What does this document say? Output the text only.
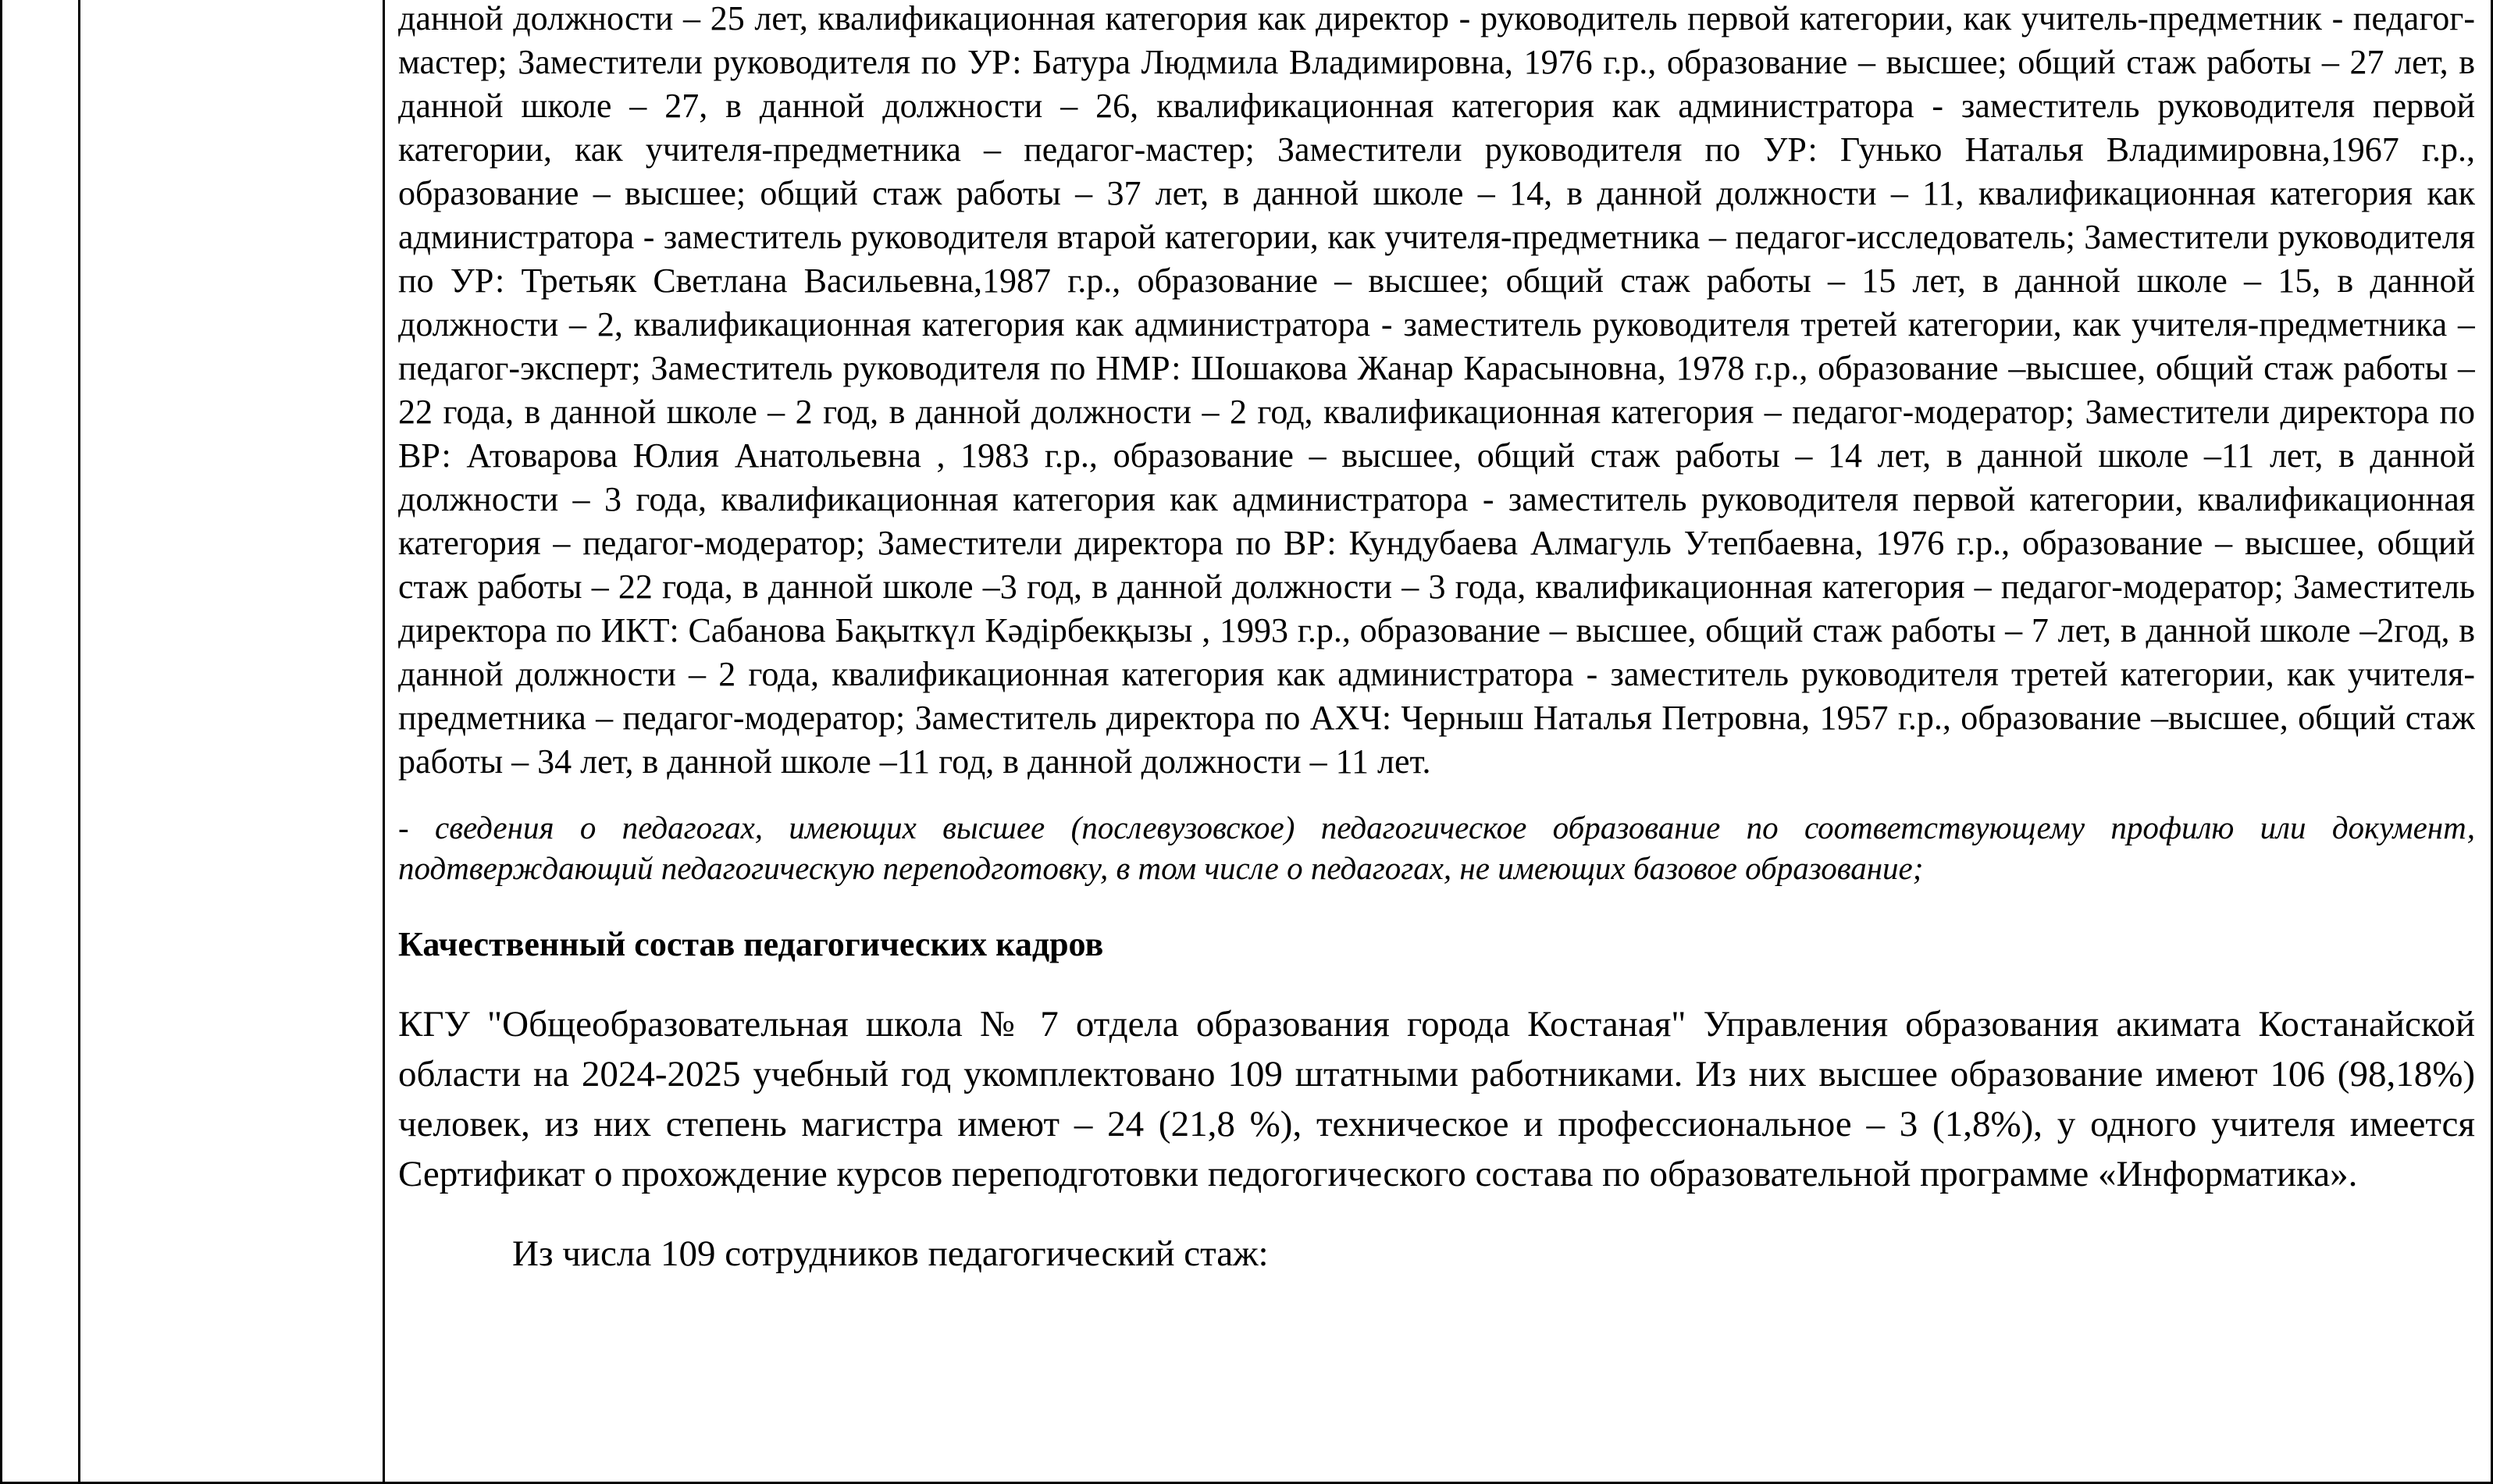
данной должности – 25 лет, квалификационная категория как директор - руководитель первой категории, как учитель-предметник - педагог-мастер; Заместители руководителя по УР: Батура Людмила Владимировна, 1976 г.р., образование – высшее; общий стаж работы – 27 лет, в данной школе – 27, в данной должности – 26, квалификационная категория как администратора - заместитель руководителя первой категории, как учителя-предметника – педагог-мастер; Заместители руководителя по УР: Гунько Наталья Владимировна,1967 г.р., образование – высшее; общий стаж работы – 37 лет, в данной школе – 14, в данной должности – 11, квалификационная категория как администратора - заместитель руководителя втарой категории, как учителя-предметника – педагог-исследователь; Заместители руководителя по УР: Третьяк Светлана Васильевна,1987 г.р., образование – высшее; общий стаж работы – 15 лет, в данной школе – 15, в данной должности – 2, квалификационная категория как администратора - заместитель руководителя третей категории, как учителя-предметника – педагог-эксперт; Заместитель руководителя по НМР: Шошакова Жанар Карасыновна, 1978 г.р., образование –высшее, общий стаж работы – 22 года, в данной школе – 2 год, в данной должности – 2 год, квалификационная категория – педагог-модератор; Заместители директора по ВР: Атоварова Юлия Анатольевна , 1983 г.р., образование – высшее, общий стаж работы – 14 лет, в данной школе –11 лет, в данной должности – 3 года, квалификационная категория как администратора - заместитель руководителя первой категории, квалификационная категория – педагог-модератор; Заместители директора по ВР: Кундубаева Алмагуль Утепбаевна, 1976 г.р., образование – высшее, общий стаж работы – 22 года, в данной школе –3 год, в данной должности – 3 года, квалификационная категория – педагог-модератор; Заместитель директора по ИКТ: Сабанова Бақыткүл Кәдірбекқызы , 1993 г.р., образование – высшее, общий стаж работы – 7 лет, в данной школе –2год, в данной должности – 2 года, квалификационная категория как администратора - заместитель руководителя третей категории, как учителя-предметника – педагог-модератор; Заместитель директора по АХЧ: Черныш Наталья Петровна, 1957 г.р., образование –высшее, общий стаж работы – 34 лет, в данной школе –11 год, в данной должности – 11 лет.

- сведения о педагогах, имеющих высшее (послевузовское) педагогическое образование по соответствующему профилю или документ, подтверждающий педагогическую переподготовку, в том числе о педагогах, не имеющих базовое образование;

Качественный состав педагогических кадров

КГУ "Общеобразовательная школа № 7 отдела образования города Костаная" Управления образования акимата Костанайской области на 2024-2025 учебный год укомплектовано 109 штатными работниками. Из них высшее образование имеют 106 (98,18%) человек, из них степень магистра имеют – 24 (21,8 %), техническое и профессиональное – 3 (1,8%), у одного учителя имеется Сертификат о прохождение курсов переподготовки педогогического состава по образовательной программе «Информатика».

Из числа 109 сотрудников педагогический стаж:
